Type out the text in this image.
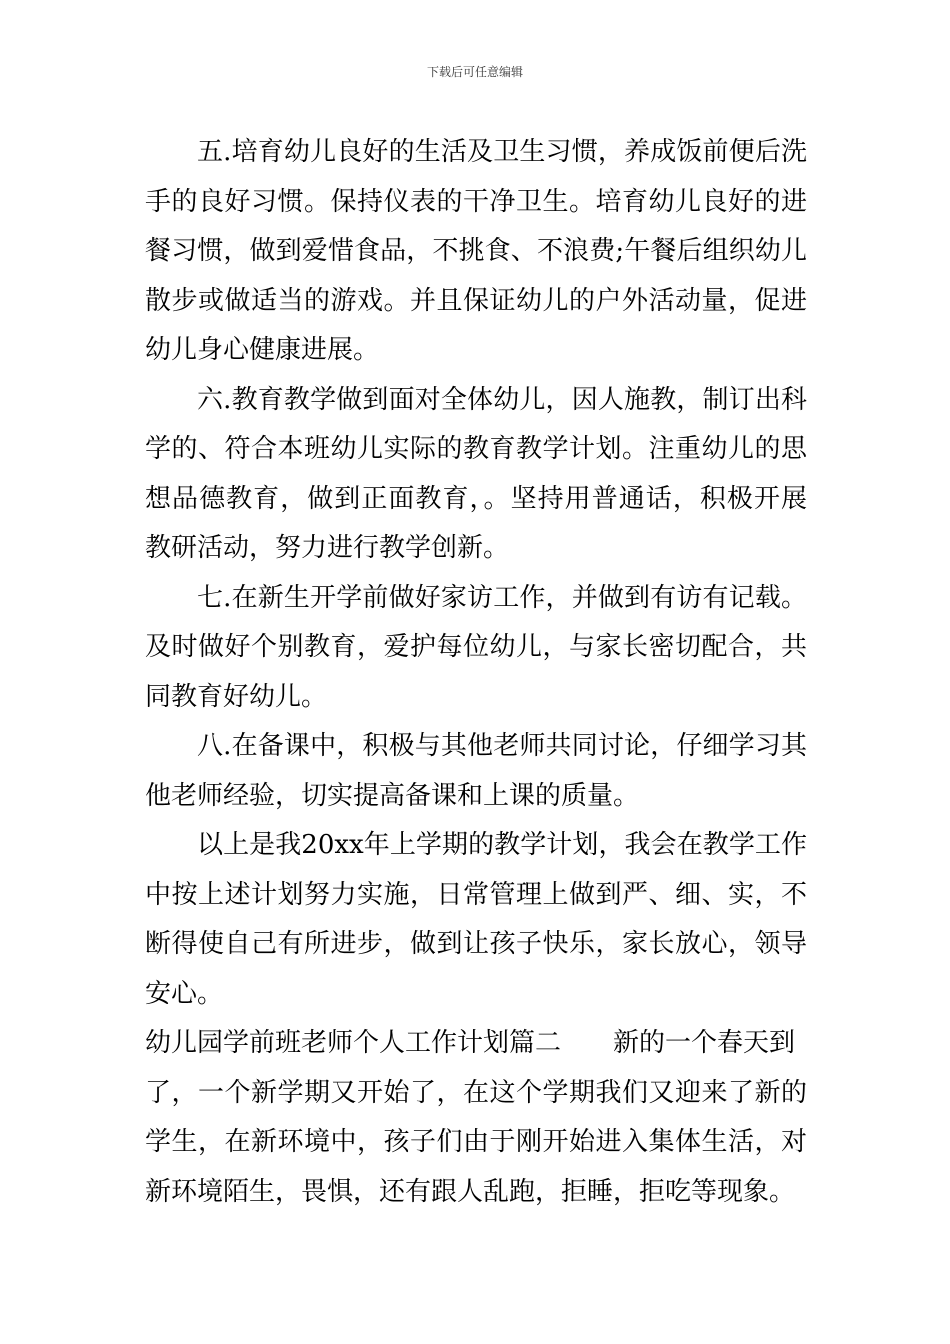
下载后可任意编辑

五.培育幼儿良好的生活及卫生习惯，养成饭前便后洗手的良好习惯。保持仪表的干净卫生。培育幼儿良好的进餐习惯，做到爱惜食品，不挑食、不浪费;午餐后组织幼儿散步或做适当的游戏。并且保证幼儿的户外活动量，促进幼儿身心健康进展。

六.教育教学做到面对全体幼儿，因人施教，制订出科学的、符合本班幼儿实际的教育教学计划。注重幼儿的思想品德教育，做到正面教育，。坚持用普通话，积极开展教研活动，努力进行教学创新。

七.在新生开学前做好家访工作，并做到有访有记载。及时做好个别教育，爱护每位幼儿，与家长密切配合，共同教育好幼儿。

八.在备课中，积极与其他老师共同讨论，仔细学习其他老师经验，切实提高备课和上课的质量。

以上是我20xx年上学期的教学计划，我会在教学工作中按上述计划努力实施，日常管理上做到严、细、实，不断得使自己有所进步，做到让孩子快乐，家长放心，领导安心。

幼儿园学前班老师个人工作计划篇二 新的一个春天到

了，一个新学期又开始了，在这个学期我们又迎来了新的学生，在新环境中，孩子们由于刚开始进入集体生活，对新环境陌生，畏惧，还有跟人乱跑，拒睡，拒吃等现象。
